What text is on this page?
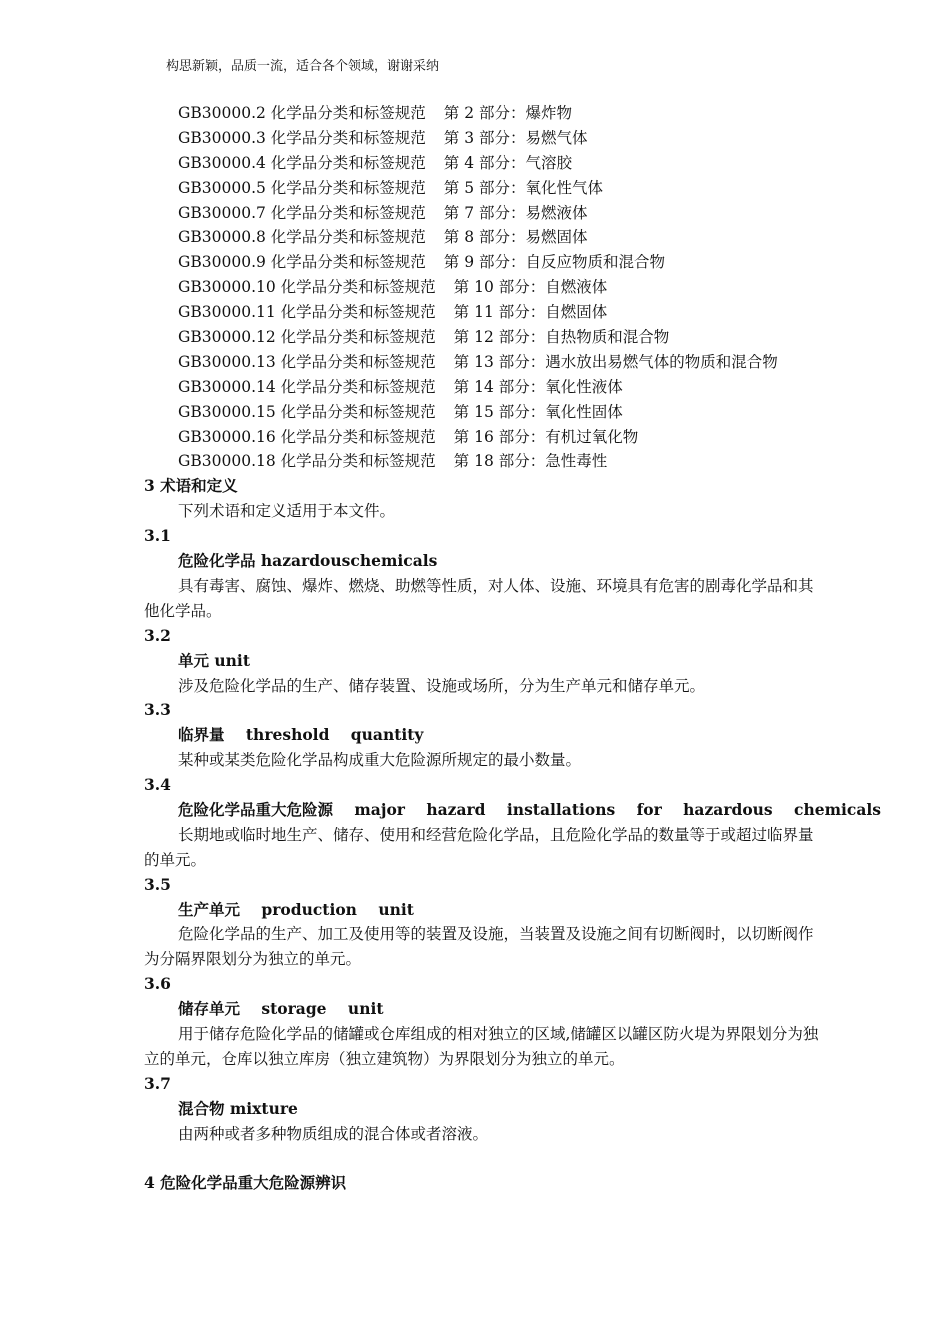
构思新颖，品质一流，适合各个领域，谢谢采纳
GB30000.2 化学品分类和标签规范 第 2 部分：爆炸物
GB30000.3 化学品分类和标签规范 第 3 部分：易燃气体
GB30000.4 化学品分类和标签规范 第 4 部分：气溶胶
GB30000.5 化学品分类和标签规范 第 5 部分：氧化性气体
GB30000.7 化学品分类和标签规范 第 7 部分：易燃液体
GB30000.8 化学品分类和标签规范 第 8 部分：易燃固体
GB30000.9 化学品分类和标签规范 第 9 部分：自反应物质和混合物
GB30000.10 化学品分类和标签规范 第 10 部分：自燃液体
GB30000.11 化学品分类和标签规范 第 11 部分：自燃固体
GB30000.12 化学品分类和标签规范 第 12 部分：自热物质和混合物
GB30000.13 化学品分类和标签规范 第 13 部分：遇水放出易燃气体的物质和混合物
GB30000.14 化学品分类和标签规范 第 14 部分：氧化性液体
GB30000.15 化学品分类和标签规范 第 15 部分：氧化性固体
GB30000.16 化学品分类和标签规范 第 16 部分：有机过氧化物
GB30000.18 化学品分类和标签规范 第 18 部分：急性毒性
3 术语和定义
下列术语和定义适用于本文件。
3.1
危险化学品 hazardouschemicals
具有毒害、腐蚀、爆炸、燃烧、助燃等性质，对人体、设施、环境具有危害的剧毒化学品和其他化学品。
3.2
单元 unit
涉及危险化学品的生产、储存装置、设施或场所，分为生产单元和储存单元。
3.3
临界量 threshold quantity
某种或某类危险化学品构成重大危险源所规定的最小数量。
3.4
危险化学品重大危险源 major hazard installations for hazardous chemicals
长期地或临时地生产、储存、使用和经营危险化学品，且危险化学品的数量等于或超过临界量的单元。
3.5
生产单元 production unit
危险化学品的生产、加工及使用等的装置及设施，当装置及设施之间有切断阀时，以切断阀作为分隔界限划分为独立的单元。
3.6
储存单元 storage unit
用于储存危险化学品的储罐或仓库组成的相对独立的区域,储罐区以罐区防火堤为界限划分为独立的单元，仓库以独立库房（独立建筑物）为界限划分为独立的单元。
3.7
混合物 mixture
由两种或者多种物质组成的混合体或者溶液。
4 危险化学品重大危险源辨识
